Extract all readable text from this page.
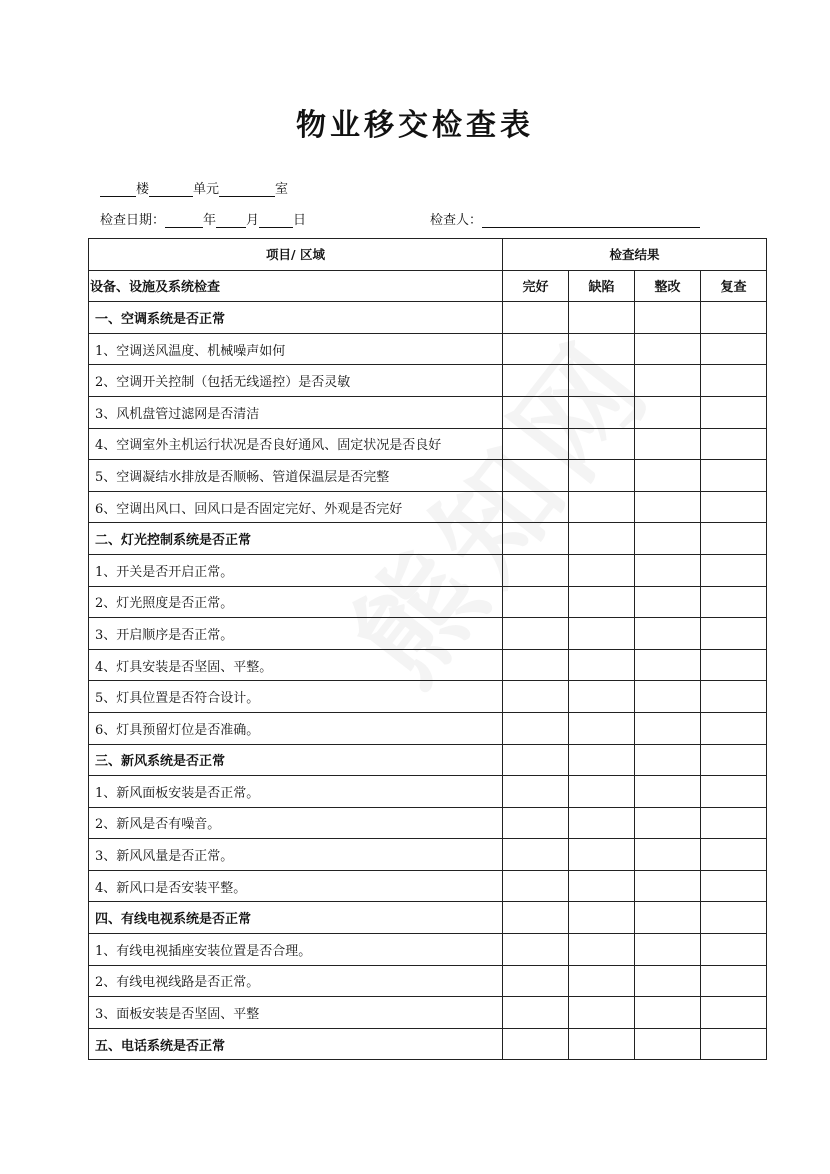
物业移交检查表
楼	单元	室
检查日期：	年 月	日	检查人：
项目/ 区域	检查结果			
设备、设施及系统检查	完好	缺陷	整改	复查
一、空调系统是否正常				
1、空调送风温度、机械噪声如何				
2、空调开关控制（包括无线遥控）是否灵敏				
3、风机盘管过滤网是否清洁				
4、空调室外主机运行状况是否良好通风、固定状况是否良好				
5、空调凝结水排放是否顺畅、管道保温层是否完整				
6、空调出风口、回风口是否固定完好、外观是否完好				
二、灯光控制系统是否正常				
1、开关是否开启正常。				
2、灯光照度是否正常。				
3、开启顺序是否正常。				
4、灯具安装是否坚固、平整。				
5、灯具位置是否符合设计。				
6、灯具预留灯位是否准确。				
三、新风系统是否正常				
1、新风面板安装是否正常。				
2、新风是否有噪音。				
3、新风风量是否正常。				
4、新风口是否安装平整。				
四、有线电视系统是否正常				
1、有线电视插座安装位置是否合理。				
2、有线电视线路是否正常。				
3、面板安装是否坚固、平整				
五、电话系统是否正常				
